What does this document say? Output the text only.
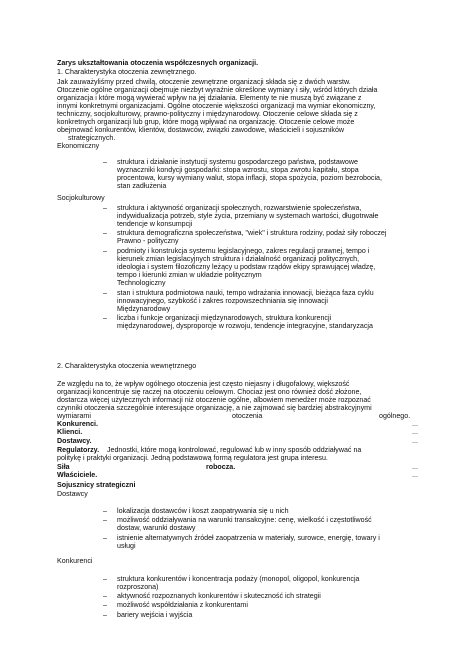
Zarys ukształtowania otoczenia współczesnych organizacji.
1. Charakterystyka otoczenia zewnętrznego.
Jak zauważyliśmy przed chwilą, otoczenie zewnętrzne organizacji składa się z dwóch warstw.
Otoczenie ogólne organizacji obejmuje niezbyt wyraźnie określone wymiary i siły, wśród których działa
organizacja i które mogą wywierać wpływ na jej działania. Elementy te nie muszą być związane z
innymi konkretnymi organizacjami. Ogólne otoczenie większości organizacji ma wymiar ekonomiczny,
techniczny, socjokulturowy, prawno-polityczny i międzynarodowy. Otoczenie celowe składa się z
konkretnych organizacji lub grup, które mogą wpływać na organizację. Otoczenie celowe może
obejmować konkurentów, klientów, dostawców, związki zawodowe, właścicieli i sojuszników
strategicznych.
Ekonomiczny
– struktura i działanie instytucji systemu gospodarczego państwa, podstawowe
wyznaczniki kondycji gospodarki: stopa wzrostu, stopa zwrotu kapitału, stopa
procentowa, kursy wymiany walut, stopa inflacji, stopa spożycia, poziom bezrobocia,
stan zadłużenia
Socjokulturowy
– struktura i aktywność organizacji społecznych, rozwarstwienie społeczeństwa,
indywidualizacja potrzeb, style życia, przemiany w systemach wartości, długotrwałe
tendencje w konsumpcji
– struktura demograficzna społeczeństwa, "wiek" i struktura rodziny, podaż siły roboczej
Prawno - polityczny
– podmioty i konstrukcja systemu legislacyjnego, zakres regulacji prawnej, tempo i
kierunek zmian legislacyjnych struktura i działalność organizacji politycznych,
ideologia i system filozoficzny leżący u podstaw rządów ekipy sprawującej władzę,
tempo i kierunki zmian w układzie politycznym
Technologiczny
– stan i struktura podmiotowa nauki, tempo wdrażania innowacji, bieżąca faza cyklu
innowacyjnego, szybkość i zakres rozpowszechniania się innowacji
Międzynarodowy
– liczba i funkcje organizacji międzynarodowych, struktura konkurencji
międzynarodowej, dysproporcje w rozwoju, tendencje integracyjne, standaryzacja
2. Charakterystyka otoczenia wewnętrznego
Ze względu na to, że wpływ ogólnego otoczenia jest często niejasny i długofalowy, większość
organizacji koncentruje się raczej na otoczeniu celowym. Chociaż jest ono również dość złożone,
dostarcza więcej użytecznych informacji niż otoczenie ogólne, albowiem menedżer może rozpoznać
czynniki otoczenia szczególnie interesujące organizację, a nie zajmować się bardziej abstrakcyjnymi
wymiarami	otoczenia	ogólnego.
Konkurenci.	...
Klienci.	...
Dostawcy.	...
Regulatorzy. Jednostki, które mogą kontrolować, regulować lub w inny sposób oddziaływać na
politykę i praktyki organizacji. Jedną podstawową formą regulatora jest grupa interesu.
Siła	robocza.	...
Właściciele.	...
Sojusznicy strategiczni
Dostawcy
– lokalizacja dostawców i koszt zaopatrywania się u nich
– możliwość oddziaływania na warunki transakcyjne: cenę, wielkość i częstotliwość
dostaw, warunki dostawy
– istnienie alternatywnych źródeł zaopatrzenia w materiały, surowce, energię, towary i
usługi
Konkurenci
– struktura konkurentów i koncentracja podaży (monopol, oligopol, konkurencja
rozproszona)
– aktywność rozpoznanych konkurentów i skuteczność ich strategii
– możliwość współdziałania z konkurentami
– bariery wejścia i wyjścia
